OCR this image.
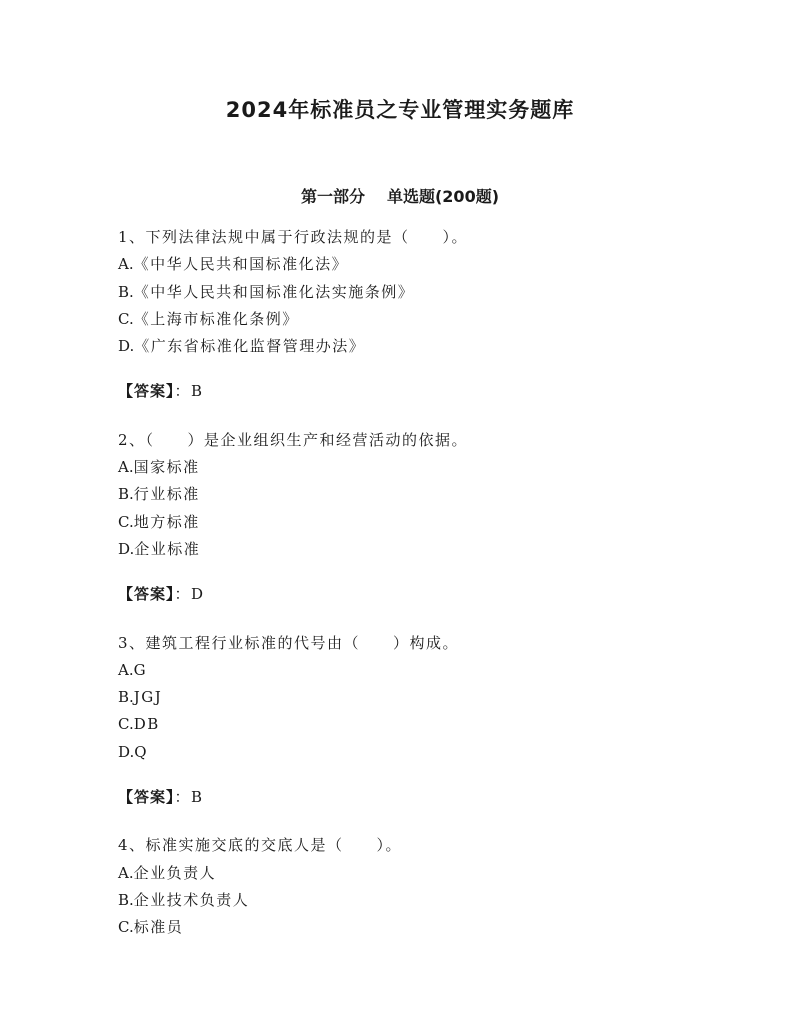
2024年标准员之专业管理实务题库
第一部分 单选题(200题)
1、下列法律法规中属于行政法规的是（　　）。
A.《中华人民共和国标准化法》
B.《中华人民共和国标准化法实施条例》
C.《上海市标准化条例》
D.《广东省标准化监督管理办法》
【答案】：B
2、（　　）是企业组织生产和经营活动的依据。
A.国家标准
B.行业标准
C.地方标准
D.企业标准
【答案】：D
3、建筑工程行业标准的代号由（　　）构成。
A.G
B.JGJ
C.DB
D.Q
【答案】：B
4、标准实施交底的交底人是（　　）。
A.企业负责人
B.企业技术负责人
C.标准员
